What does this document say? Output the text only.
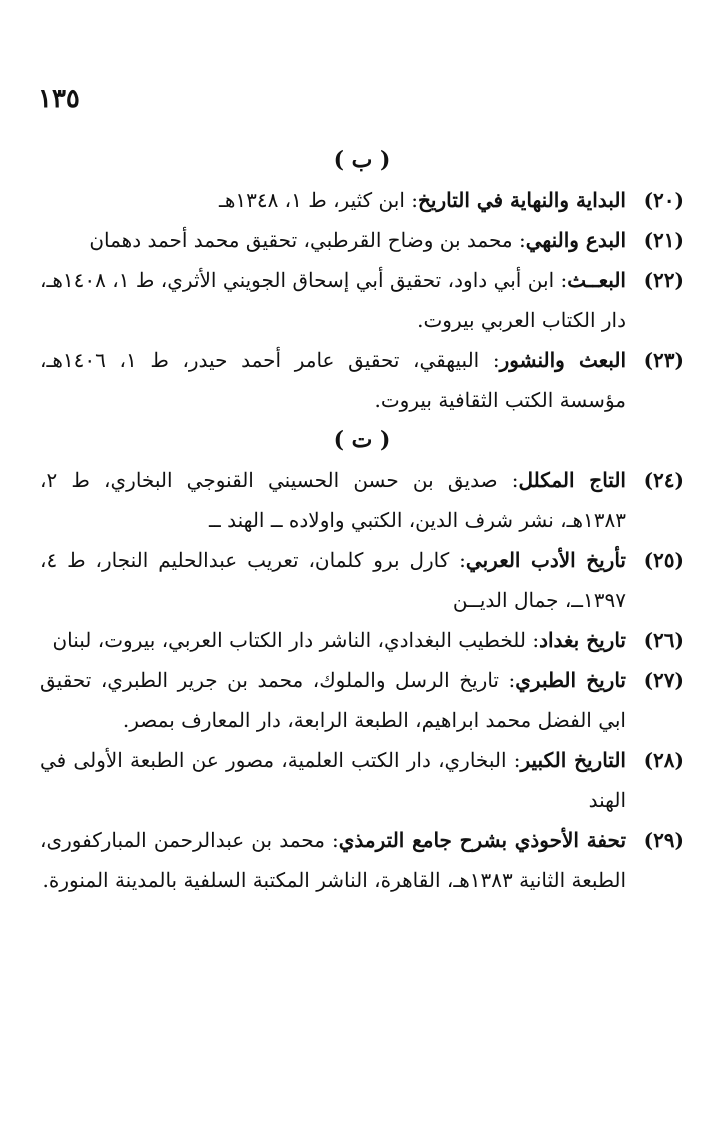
١٣٥
( ب )

(٢٠)البداية والنهاية في التاريخ: ابن كثير، ط ١، ١٣٤٨هـ

(٢١)البدع والنهي: محمد بن وضاح القرطبي، تحقيق محمد أحمد دهمان

(٢٢)البعــث: ابن أبي داود، تحقيق أبي إسحاق الجويني الأثري، ط ١، ١٤٠٨هـ، دار الكتاب العربي بيروت.

(٢٣)البعث والنشور: البيهقي، تحقيق عامر أحمد حيدر، ط ١، ١٤٠٦هـ، مؤسسة الكتب الثقافية بيروت.

( ت )

(٢٤)التاج المكلل: صديق بن حسن الحسيني القنوجي البخاري، ط ٢، ١٣٨٣هـ، نشر شرف الدين، الكتبي واولاده ــ الهند ــ

(٢٥)تأريخ الأدب العربي: كارل برو كلمان، تعريب عبدالحليم النجار، ط ٤، ١٣٩٧ــ، جمال الديــن

(٢٦)تاريخ بغداد: للخطيب البغدادي، الناشر دار الكتاب العربي، بيروت، لبنان

(٢٧)تاريخ الطبري: تاريخ الرسل والملوك، محمد بن جرير الطبري، تحقيق ابي الفضل محمد ابراهيم، الطبعة الرابعة، دار المعارف بمصر.

(٢٨)التاريخ الكبير: البخاري، دار الكتب العلمية، مصور عن الطبعة الأولى في الهند

(٢٩)تحفة الأحوذي بشرح جامع الترمذي: محمد بن عبدالرحمن المباركفورى، الطبعة الثانية ١٣٨٣هـ، القاهرة، الناشر المكتبة السلفية بالمدينة المنورة.
